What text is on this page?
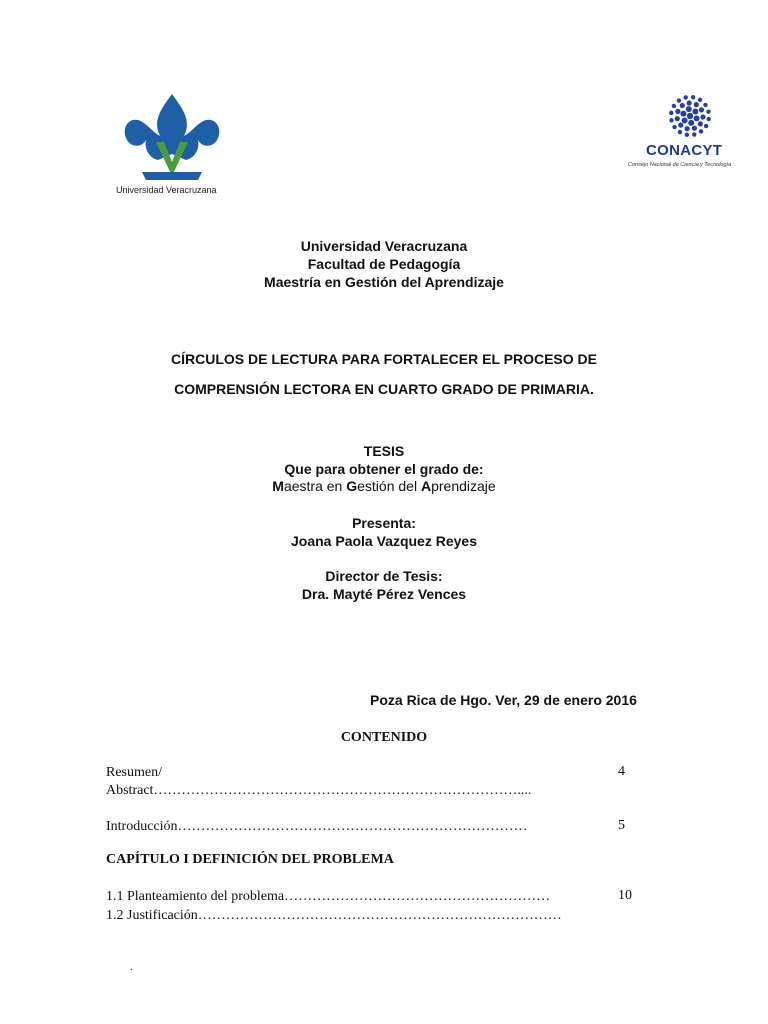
Universidad Veracruzana
CONACYT
Consejo Nacional de Ciencia y Tecnología
Universidad Veracruzana
Facultad de Pedagogía
Maestría en Gestión del Aprendizaje
CÍRCULOS DE LECTURA PARA FORTALECER EL PROCESO DE
COMPRENSIÓN LECTORA EN CUARTO GRADO DE PRIMARIA.
TESIS
Que para obtener el grado de:
Maestra en Gestión del Aprendizaje
Presenta:
Joana Paola Vazquez Reyes
Director de Tesis:
Dra. Mayté Pérez Vences
Poza Rica de Hgo. Ver, 29 de enero 2016
CONTENIDO
Resumen/
Abstract……………………………………………………………………....
4
Introducción…………………………………………………………………	5
CAPÍTULO I DEFINICIÓN DEL PROBLEMA
1.1 Planteamiento del problema…………………………………………………	10
1.2 Justificación……………………………………………………………………
.
